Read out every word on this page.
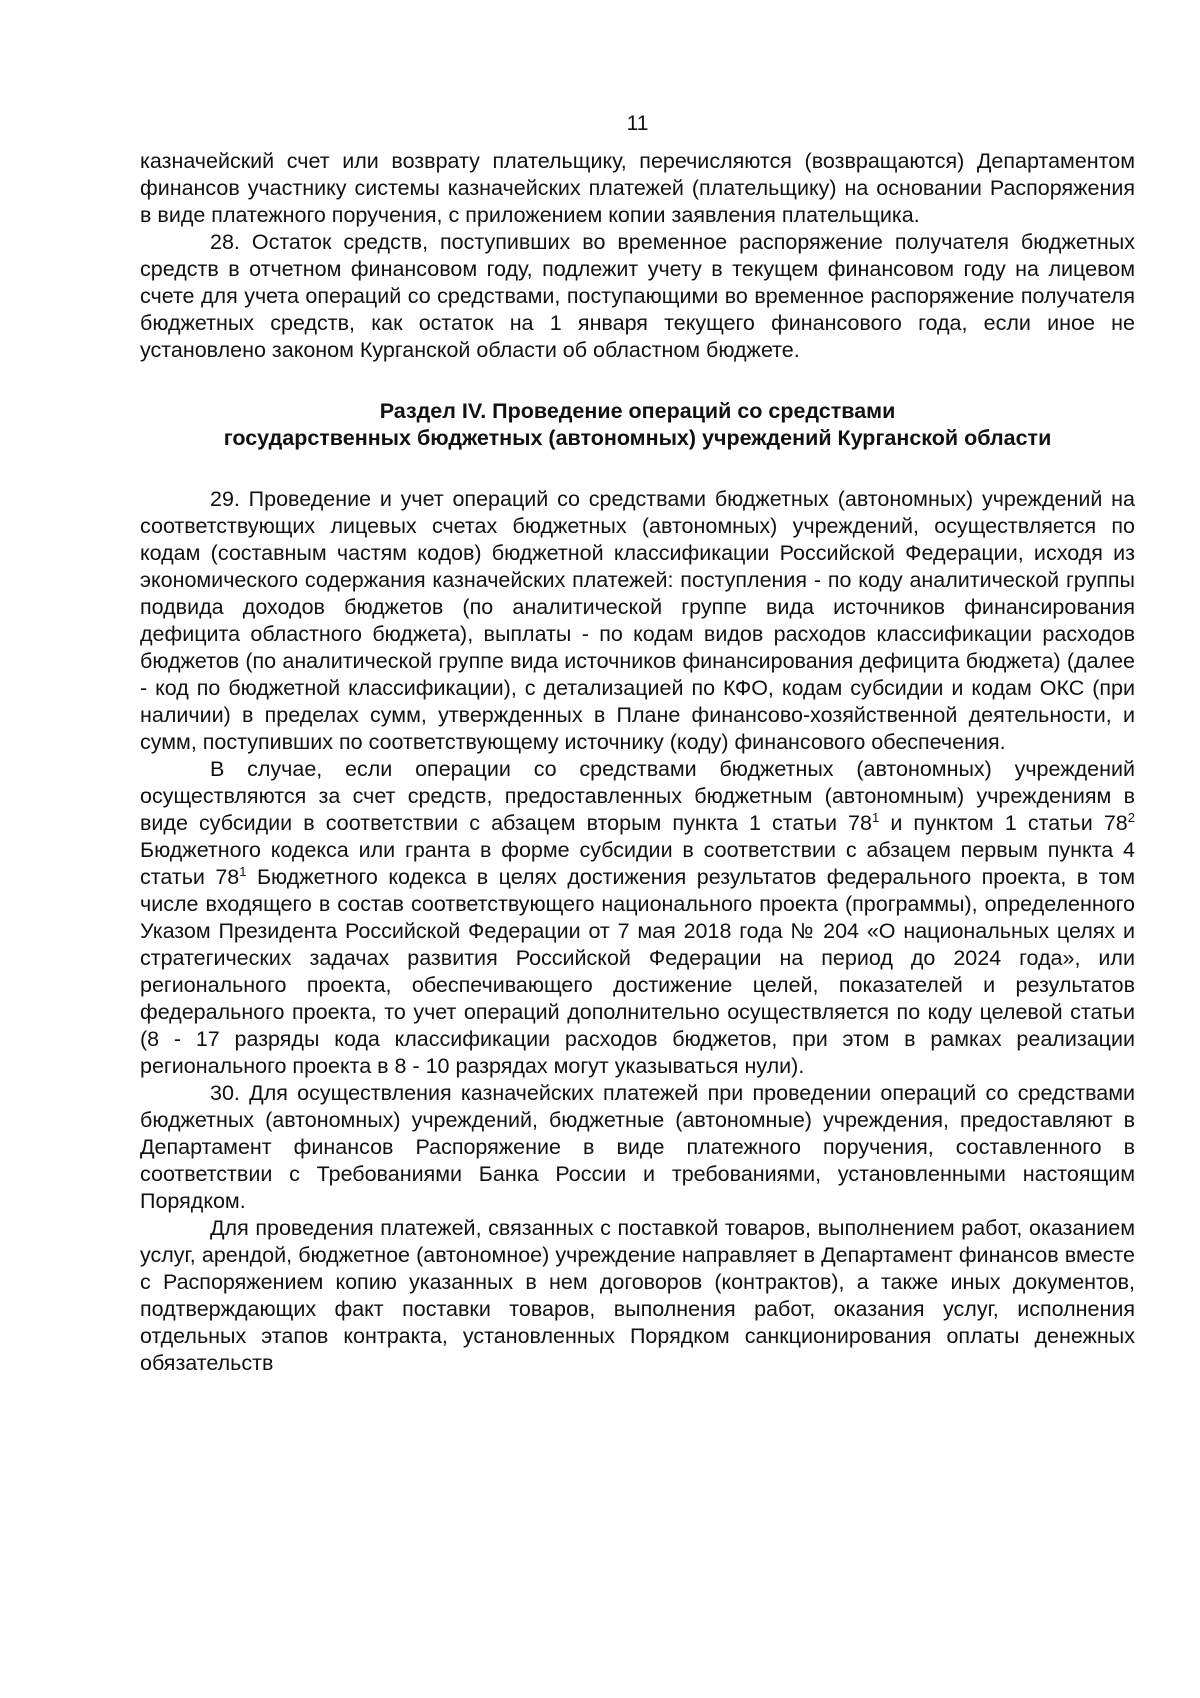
11

казначейский счет или возврату плательщику, перечисляются (возвращаются) Департаментом финансов участнику системы казначейских платежей (плательщику) на основании Распоряжения в виде платежного поручения, с приложением копии заявления плательщика.

28. Остаток средств, поступивших во временное распоряжение получателя бюджетных средств в отчетном финансовом году, подлежит учету в текущем финансовом году на лицевом счете для учета операций со средствами, поступающими во временное распоряжение получателя бюджетных средств, как остаток на 1 января текущего финансового года, если иное не установлено законом Курганской области об областном бюджете.

Раздел IV. Проведение операций со средствами
государственных бюджетных (автономных) учреждений Курганской области

29. Проведение и учет операций со средствами бюджетных (автономных) учреждений на соответствующих лицевых счетах бюджетных (автономных) учреждений, осуществляется по кодам (составным частям кодов) бюджетной классификации Российской Федерации, исходя из экономического содержания казначейских платежей: поступления - по коду аналитической группы подвида доходов бюджетов (по аналитической группе вида источников финансирования дефицита областного бюджета), выплаты - по кодам видов расходов классификации расходов бюджетов (по аналитической группе вида источников финансирования дефицита бюджета) (далее - код по бюджетной классификации), с детализацией по КФО, кодам субсидии и кодам ОКС (при наличии) в пределах сумм, утвержденных в Плане финансово-хозяйственной деятельности, и сумм, поступивших по соответствующему источнику (коду) финансового обеспечения.

В случае, если операции со средствами бюджетных (автономных) учреждений осуществляются за счет средств, предоставленных бюджетным (автономным) учреждениям в виде субсидии в соответствии с абзацем вторым пункта 1 статьи $78^1$ и пунктом 1 статьи $78^2$ Бюджетного кодекса или гранта в форме субсидии в соответствии с абзацем первым пункта 4 статьи $78^1$ Бюджетного кодекса в целях достижения результатов федерального проекта, в том числе входящего в состав соответствующего национального проекта (программы), определенного Указом Президента Российской Федерации от 7 мая 2018 года № 204 «О национальных целях и стратегических задачах развития Российской Федерации на период до 2024 года», или регионального проекта, обеспечивающего достижение целей, показателей и результатов федерального проекта, то учет операций дополнительно осуществляется по коду целевой статьи (8 - 17 разряды кода классификации расходов бюджетов, при этом в рамках реализации регионального проекта в 8 - 10 разрядах могут указываться нули).

30. Для осуществления казначейских платежей при проведении операций со средствами бюджетных (автономных) учреждений, бюджетные (автономные) учреждения, предоставляют в Департамент финансов Распоряжение в виде платежного поручения, составленного в соответствии с Требованиями Банка России и требованиями, установленными настоящим Порядком.

Для проведения платежей, связанных с поставкой товаров, выполнением работ, оказанием услуг, арендой, бюджетное (автономное) учреждение направляет в Департамент финансов вместе с Распоряжением копию указанных в нем договоров (контрактов), а также иных документов, подтверждающих факт поставки товаров, выполнения работ, оказания услуг, исполнения отдельных этапов контракта, установленных Порядком санкционирования оплаты денежных обязательств
